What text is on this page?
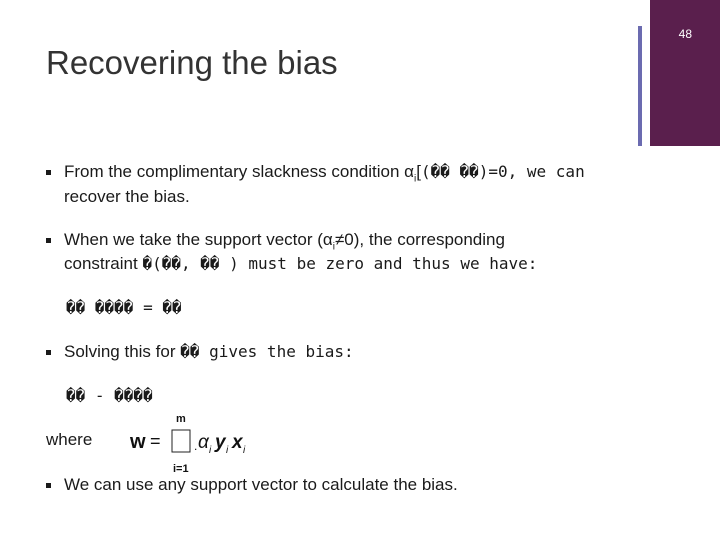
48
Recovering the bias
From the complimentary slackness condition $\alpha_i[(��$ ��)=0, we can
recover the bias.
When we take the support vector $(\alpha_i\ne 0)$, the corresponding
constraint �(��, �� ) must be zero and thus we have:
�� ���� = ��
Solving this for �� gives the bias:
�� - ����
where w =
m
i=1
. α i y i x i
We can use any support vector to calculate the bias.
